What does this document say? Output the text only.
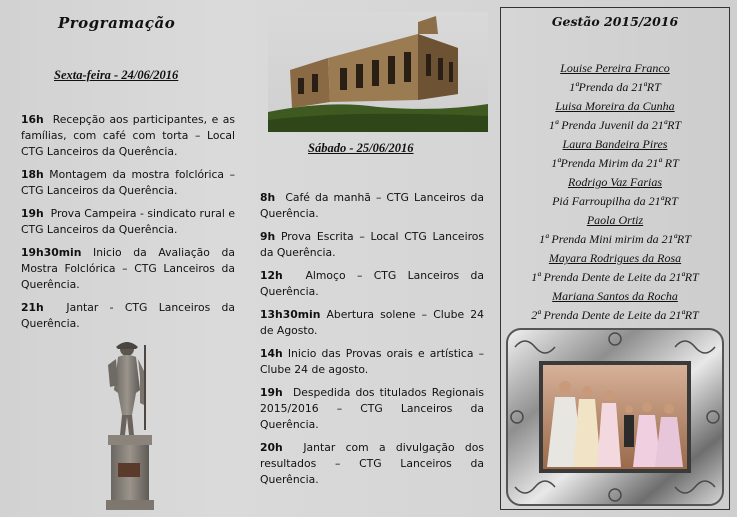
Programação
Sexta-feira - 24/06/2016

16h Recepção aos participantes, e as famílias, com café com torta – Local CTG Lanceiros da Querência.

18h Montagem da mostra folclórica – CTG Lanceiros da Querência.

19h Prova Campeira - sindicato rural e CTG Lanceiros da Querência.

19h30min Inicio da Avaliação da Mostra Folclórica – CTG Lanceiros da Querência.

21h Jantar - CTG Lanceiros da Querência.

Sábado - 25/06/2016

8h Café da manhã – CTG Lanceiros da Querência.

9h Prova Escrita – Local CTG Lanceiros da Querência.

12h Almoço – CTG Lanceiros da Querência.

13h30min Abertura solene – Clube 24 de Agosto.

14h Inicio das Provas orais e artística – Clube 24 de agosto.

19h Despedida dos titulados Regionais 2015/2016 – CTG Lanceiros da Querência.

20h Jantar com a divulgação dos resultados – CTG Lanceiros da Querência.

Gestão 2015/2016
Louise Pereira Franco
1ªPrenda da 21ªRT
Luisa Moreira da Cunha
1ª Prenda Juvenil da 21ªRT
Laura Bandeira Pires
1ªPrenda Mirim da 21ª RT
Rodrigo Vaz Farias
Piá Farroupilha da 21ªRT
Paola Ortiz
1ª Prenda Mini mirim da 21ªRT
Mayara Rodrigues da Rosa
1ª Prenda Dente de Leite da 21ªRT
Mariana Santos da Rocha
2ª Prenda Dente de Leite da 21ªRT
